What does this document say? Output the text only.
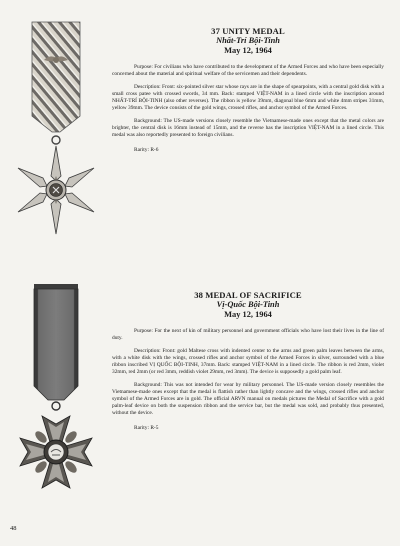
37 UNITY MEDAL
Nhất-Trí Bội-Tinh
May 12, 1964

Purpose: For civilians who have contributed to the development of the Armed Forces and who have been especially concerned about the material and spiritual welfare of the servicemen and their dependents.

Description: Front: six-pointed silver star whose rays are in the shape of spearpoints, with a central gold disk with a small cross patee with crossed swords, 34 mm. Back: stamped VIỆT-NAM in a lined circle with the inscription around NHẤT-TRÍ BỘI-TINH (also other reverses). The ribbon is yellow 39mm, diagonal blue 6mm and white 4mm stripes 31mm, yellow 39mm. The device consists of the gold wings, crossed rifles, and anchor symbol of the Armed Forces.

Background: The US-made versions closely resemble the Vietnamese-made ones except that the metal colors are brighter, the central disk is 16mm instead of 15mm, and the reverse has the inscription VIỆT-NAM in a lined circle. This medal was also reportedly presented to foreign civilians.

Rarity: R-6

38 MEDAL OF SACRIFICE
Vị-Quốc Bội-Tinh
May 12, 1964

Purpose: For the next of kin of military personnel and government officials who have lost their lives in the line of duty.

Description: Front: gold Maltese cross with indented center to the arms and green palm leaves between the arms, with a white disk with the wings, crossed rifles and anchor symbol of the Armed Forces in silver, surrounded with a blue ribbon inscribed VỊ QUỐC BỘI-TINH, 37mm. Back: stamped VIỆT-NAM in a lined circle. The ribbon is red 2mm, violet 32mm, red 2mm (or red 3mm, reddish violet 29mm, red 3mm). The device is supposedly a gold palm leaf.

Background: This was not intended for wear by military personnel. The US-made version closely resembles the Vietnamese-made ones except that the medal is flattish rather than lightly concave and the wings, crossed rifles and anchor symbol of the Armed Forces are in gold. The official ARVN manual on medals pictures the Medal of Sacrifice with a gold palm-leaf device on both the suspension ribbon and the service bar, but the medal was sold, and probably thus presented, without the device.

Rarity: R-5

48
